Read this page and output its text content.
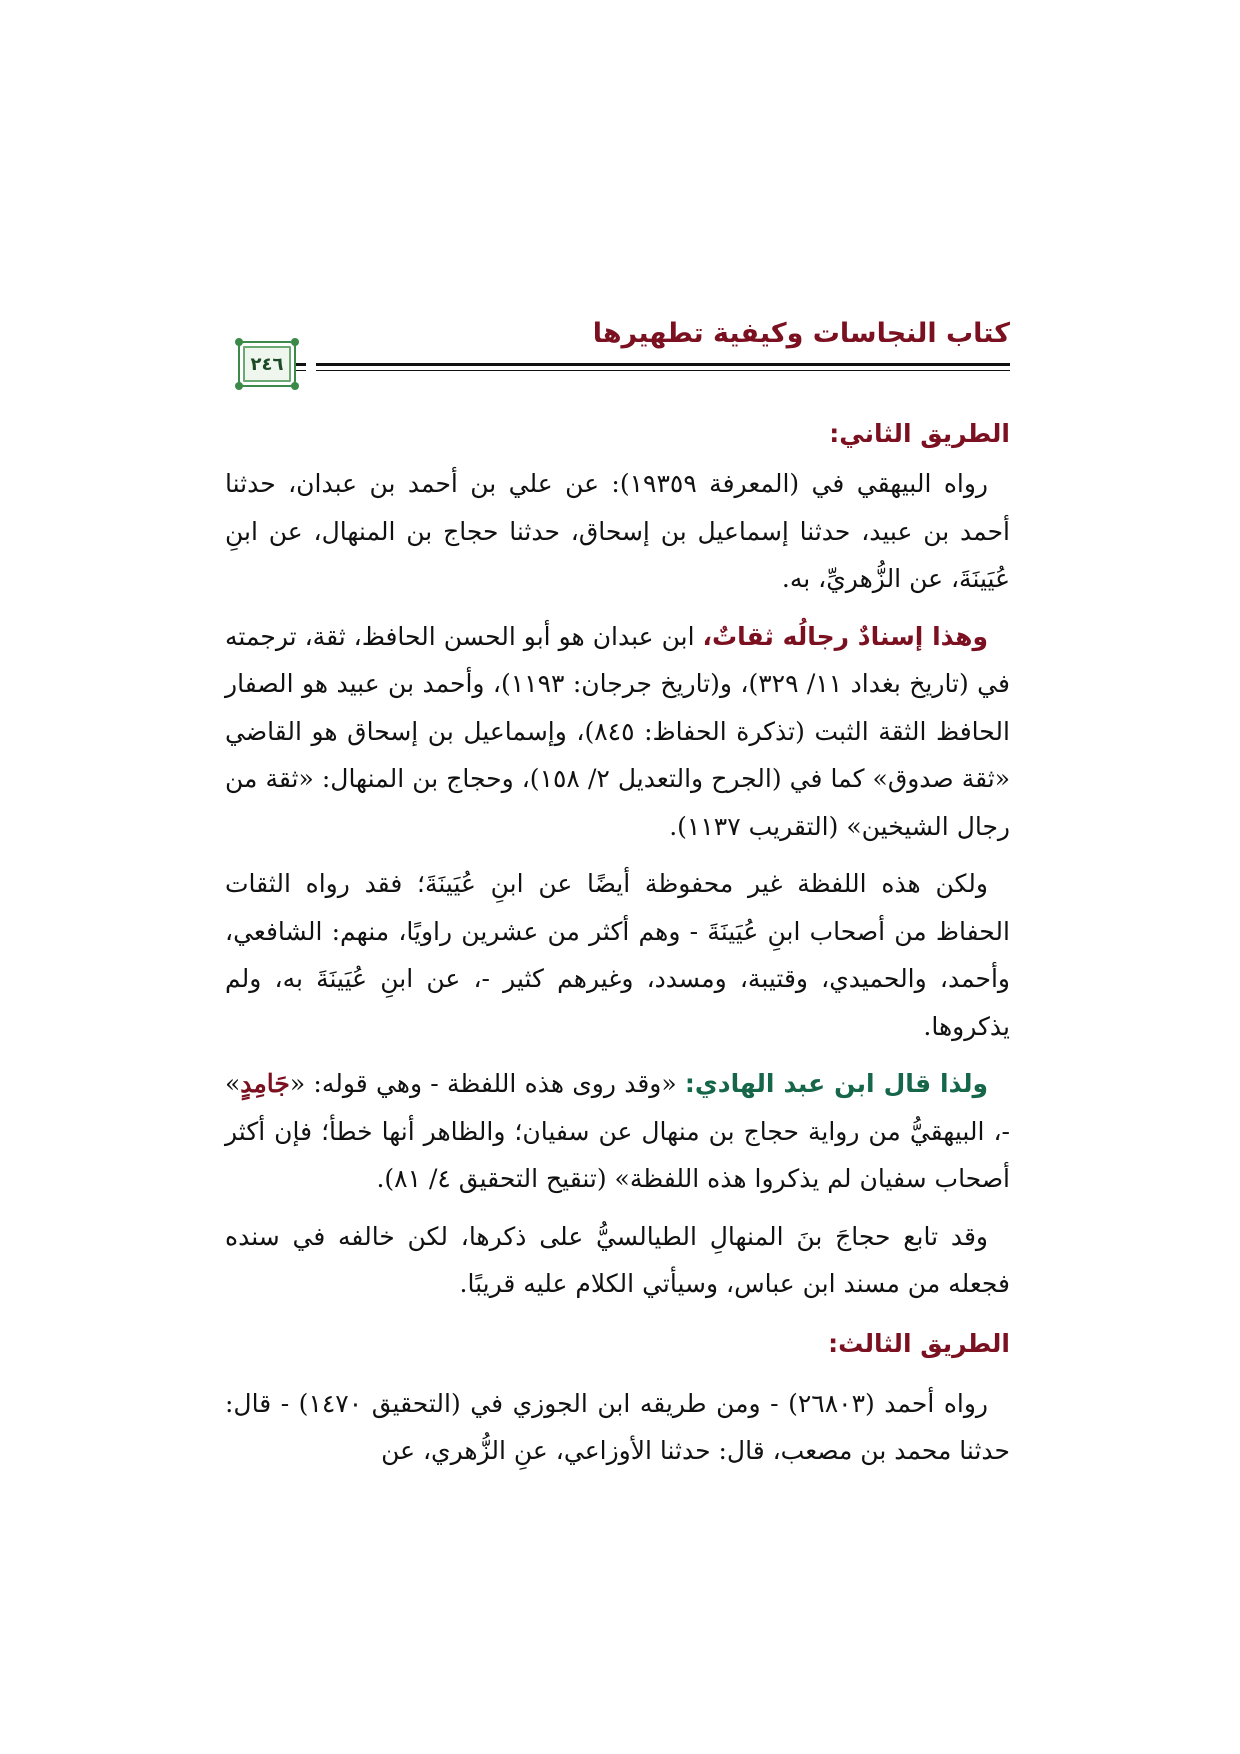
كتاب النجاسات وكيفية تطهيرها
٢٤٦
الطريق الثاني:

رواه البيهقي في (المعرفة ١٩٣٥٩): عن علي بن أحمد بن عبدان، حدثنا أحمد بن عبيد، حدثنا إسماعيل بن إسحاق، حدثنا حجاج بن المنهال، عن ابنِ عُيَينَةَ، عن الزُّهريِّ، به.

وهذا إسنادٌ رجالُه ثقاتٌ، ابن عبدان هو أبو الحسن الحافظ، ثقة، ترجمته في (تاريخ بغداد ١١/ ٣٢٩)، و(تاريخ جرجان: ١١٩٣)، وأحمد بن عبيد هو الصفار الحافظ الثقة الثبت (تذكرة الحفاظ: ٨٤٥)، وإسماعيل بن إسحاق هو القاضي «ثقة صدوق» كما في (الجرح والتعديل ٢/ ١٥٨)، وحجاج بن المنهال: «ثقة من رجال الشيخين» (التقريب ١١٣٧).

ولكن هذه اللفظة غير محفوظة أيضًا عن ابنِ عُيَينَةَ؛ فقد رواه الثقات الحفاظ من أصحاب ابنِ عُيَينَةَ - وهم أكثر من عشرين راويًا، منهم: الشافعي، وأحمد، والحميدي، وقتيبة، ومسدد، وغيرهم كثير -، عن ابنِ عُيَينَةَ به، ولم يذكروها.

ولذا قال ابن عبد الهادي: «وقد روى هذه اللفظة - وهي قوله: «جَامِدٍ» -، البيهقيُّ من رواية حجاج بن منهال عن سفيان؛ والظاهر أنها خطأ؛ فإن أكثر أصحاب سفيان لم يذكروا هذه اللفظة» (تنقيح التحقيق ٤/ ٨١).

وقد تابع حجاجَ بنَ المنهالِ الطيالسيُّ على ذكرها، لكن خالفه في سنده فجعله من مسند ابن عباس، وسيأتي الكلام عليه قريبًا.

الطريق الثالث:

رواه أحمد (٢٦٨٠٣) - ومن طريقه ابن الجوزي في (التحقيق ١٤٧٠) - قال: حدثنا محمد بن مصعب، قال: حدثنا الأوزاعي، عنِ الزُّهري، عن
